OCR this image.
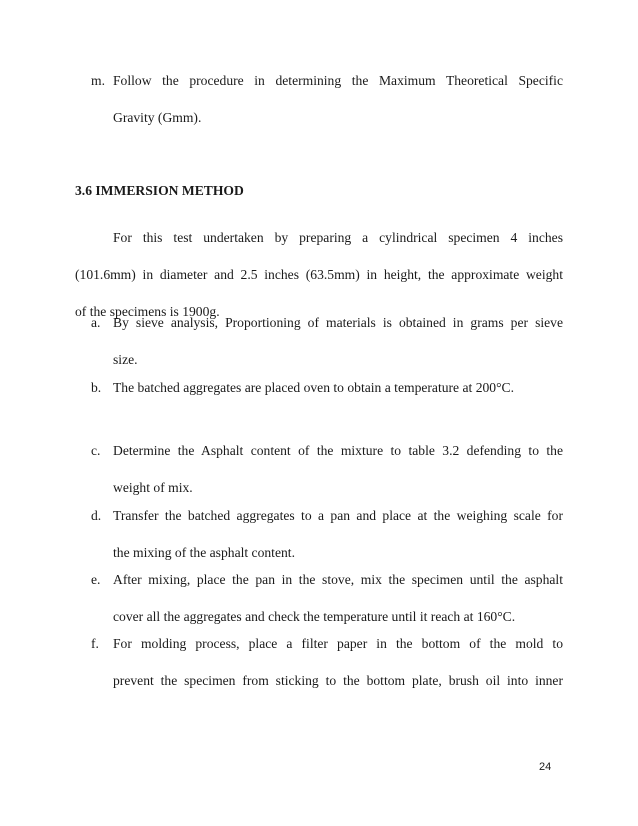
m. Follow the procedure in determining the Maximum Theoretical Specific
Gravity (Gmm).
3.6 IMMERSION METHOD
For this test undertaken by preparing a cylindrical specimen 4 inches
(101.6mm) in diameter and 2.5 inches (63.5mm) in height, the approximate weight
of the specimens is 1900g.
a. By sieve analysis, Proportioning of materials is obtained in grams per sieve
size.
b. The batched aggregates are placed oven to obtain a temperature at 200°C.
c. Determine the Asphalt content of the mixture to table 3.2 defending to the
weight of mix.
d. Transfer the batched aggregates to a pan and place at the weighing scale for
the mixing of the asphalt content.
e. After mixing, place the pan in the stove, mix the specimen until the asphalt
cover all the aggregates and check the temperature until it reach at 160°C.
f.	For molding process, place a filter paper in the bottom of the mold to
prevent the specimen from sticking to the bottom plate, brush oil into inner
24
